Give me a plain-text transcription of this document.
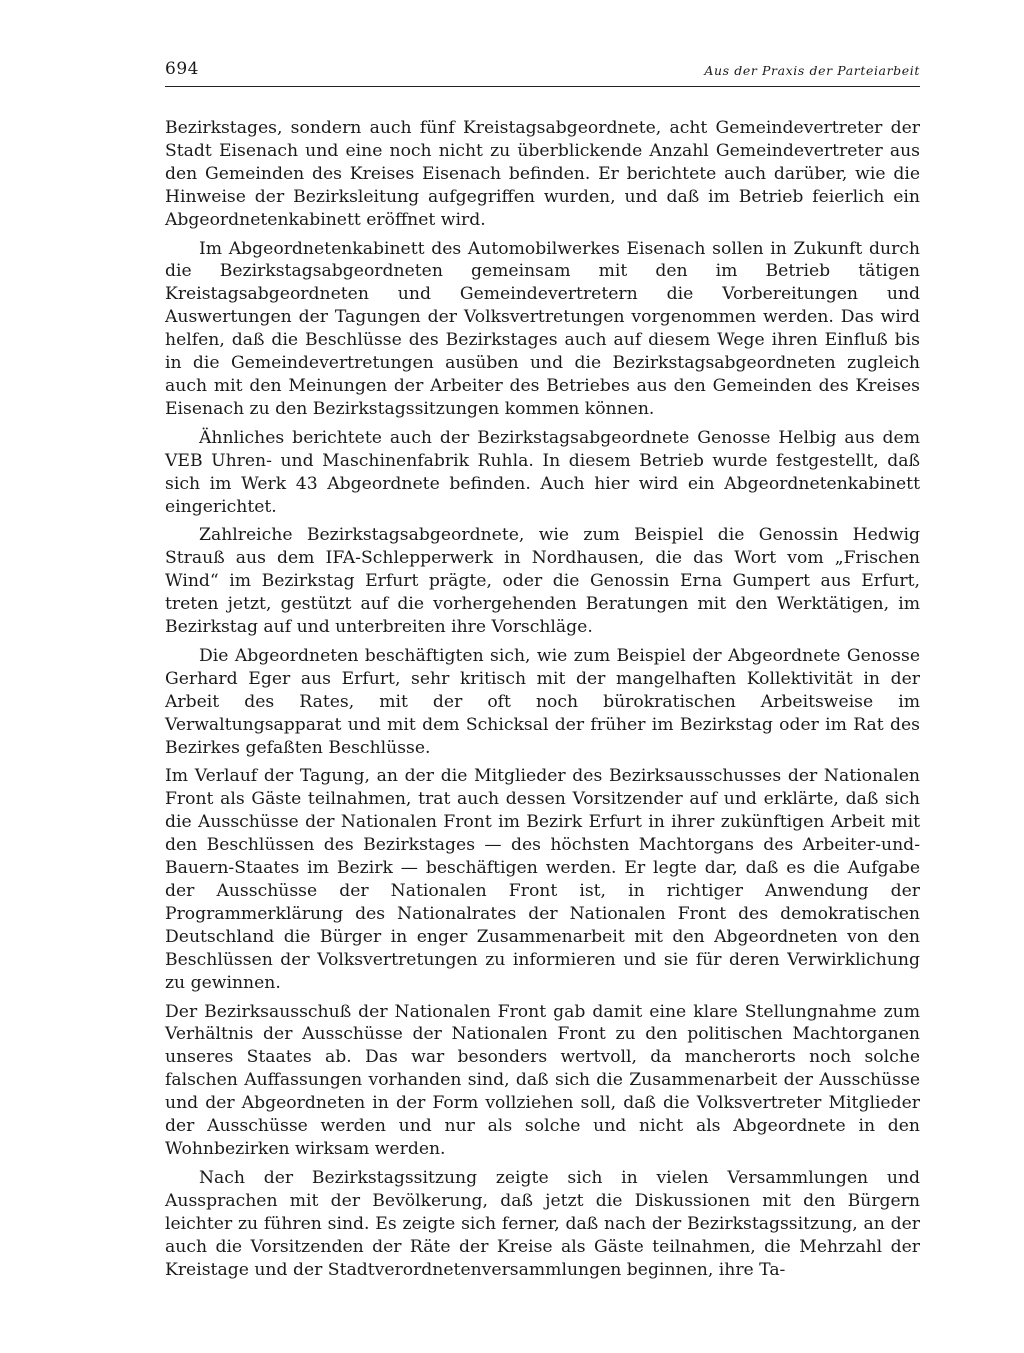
694	Aus der Praxis der Parteiarbeit

Bezirkstages, sondern auch fünf Kreistagsabgeordnete, acht Gemeindevertreter der Stadt Eisenach und eine noch nicht zu überblickende Anzahl Gemeindevertreter aus den Gemeinden des Kreises Eisenach befinden. Er berichtete auch darüber, wie die Hinweise der Bezirksleitung aufgegriffen wurden, und daß im Betrieb feierlich ein Abgeordnetenkabinett eröffnet wird.

Im Abgeordnetenkabinett des Automobilwerkes Eisenach sollen in Zukunft durch die Bezirkstagsabgeordneten gemeinsam mit den im Betrieb tätigen Kreistagsabgeordneten und Gemeindevertretern die Vorbereitungen und Auswertungen der Tagungen der Volksvertretungen vorgenommen werden. Das wird helfen, daß die Beschlüsse des Bezirkstages auch auf diesem Wege ihren Einfluß bis in die Gemeindevertretungen ausüben und die Bezirkstagsabgeordneten zugleich auch mit den Meinungen der Arbeiter des Betriebes aus den Gemeinden des Kreises Eisenach zu den Bezirkstagssitzungen kommen können.

Ähnliches berichtete auch der Bezirkstagsabgeordnete Genosse Helbig aus dem VEB Uhren- und Maschinenfabrik Ruhla. In diesem Betrieb wurde festgestellt, daß sich im Werk 43 Abgeordnete befinden. Auch hier wird ein Abgeordnetenkabinett eingerichtet.

Zahlreiche Bezirkstagsabgeordnete, wie zum Beispiel die Genossin Hedwig Strauß aus dem IFA-Schlepperwerk in Nordhausen, die das Wort vom „Frischen Wind“ im Bezirkstag Erfurt prägte, oder die Genossin Erna Gumpert aus Erfurt, treten jetzt, gestützt auf die vorhergehenden Beratungen mit den Werktätigen, im Bezirkstag auf und unterbreiten ihre Vorschläge.

Die Abgeordneten beschäftigten sich, wie zum Beispiel der Abgeordnete Genosse Gerhard Eger aus Erfurt, sehr kritisch mit der mangelhaften Kollektivität in der Arbeit des Rates, mit der oft noch bürokratischen Arbeitsweise im Verwaltungsapparat und mit dem Schicksal der früher im Bezirkstag oder im Rat des Bezirkes gefaßten Beschlüsse.

Im Verlauf der Tagung, an der die Mitglieder des Bezirksausschusses der Nationalen Front als Gäste teilnahmen, trat auch dessen Vorsitzender auf und erklärte, daß sich die Ausschüsse der Nationalen Front im Bezirk Erfurt in ihrer zukünftigen Arbeit mit den Beschlüssen des Bezirkstages — des höchsten Machtorgans des Arbeiter-und-Bauern-Staates im Bezirk — beschäftigen werden. Er legte dar, daß es die Aufgabe der Ausschüsse der Nationalen Front ist, in richtiger Anwendung der Programmerklärung des Nationalrates der Nationalen Front des demokratischen Deutschland die Bürger in enger Zusammenarbeit mit den Abgeordneten von den Beschlüssen der Volksvertretungen zu informieren und sie für deren Verwirklichung zu gewinnen.

Der Bezirksausschuß der Nationalen Front gab damit eine klare Stellungnahme zum Verhältnis der Ausschüsse der Nationalen Front zu den politischen Machtorganen unseres Staates ab. Das war besonders wertvoll, da mancherorts noch solche falschen Auffassungen vorhanden sind, daß sich die Zusammenarbeit der Ausschüsse und der Abgeordneten in der Form vollziehen soll, daß die Volksvertreter Mitglieder der Ausschüsse werden und nur als solche und nicht als Abgeordnete in den Wohnbezirken wirksam werden.

Nach der Bezirkstagssitzung zeigte sich in vielen Versammlungen und Aussprachen mit der Bevölkerung, daß jetzt die Diskussionen mit den Bürgern leichter zu führen sind. Es zeigte sich ferner, daß nach der Bezirkstagssitzung, an der auch die Vorsitzenden der Räte der Kreise als Gäste teilnahmen, die Mehrzahl der Kreistage und der Stadtverordnetenversammlungen beginnen, ihre Ta-
